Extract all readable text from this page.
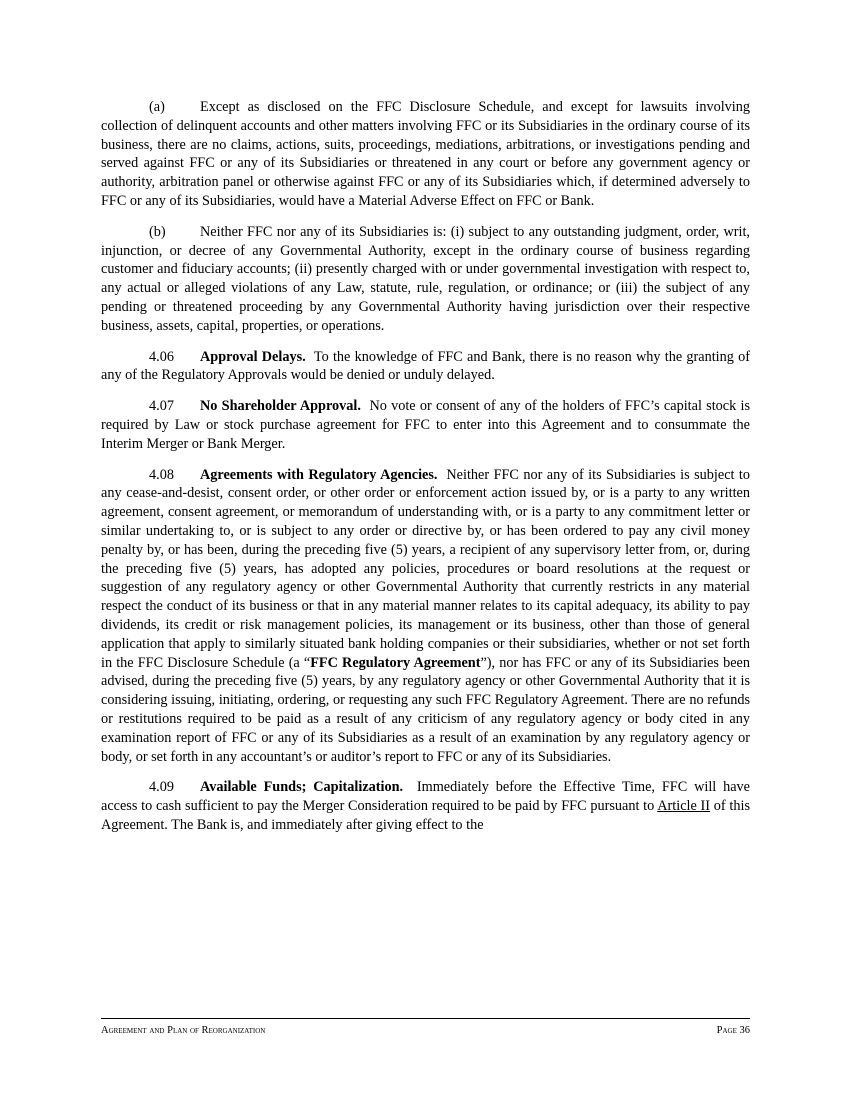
(a) Except as disclosed on the FFC Disclosure Schedule, and except for lawsuits involving collection of delinquent accounts and other matters involving FFC or its Subsidiaries in the ordinary course of its business, there are no claims, actions, suits, proceedings, mediations, arbitrations, or investigations pending and served against FFC or any of its Subsidiaries or threatened in any court or before any government agency or authority, arbitration panel or otherwise against FFC or any of its Subsidiaries which, if determined adversely to FFC or any of its Subsidiaries, would have a Material Adverse Effect on FFC or Bank.

(b) Neither FFC nor any of its Subsidiaries is: (i) subject to any outstanding judgment, order, writ, injunction, or decree of any Governmental Authority, except in the ordinary course of business regarding customer and fiduciary accounts; (ii) presently charged with or under governmental investigation with respect to, any actual or alleged violations of any Law, statute, rule, regulation, or ordinance; or (iii) the subject of any pending or threatened proceeding by any Governmental Authority having jurisdiction over their respective business, assets, capital, properties, or operations.

4.06 Approval Delays. To the knowledge of FFC and Bank, there is no reason why the granting of any of the Regulatory Approvals would be denied or unduly delayed.

4.07 No Shareholder Approval. No vote or consent of any of the holders of FFC’s capital stock is required by Law or stock purchase agreement for FFC to enter into this Agreement and to consummate the Interim Merger or Bank Merger.

4.08 Agreements with Regulatory Agencies. Neither FFC nor any of its Subsidiaries is subject to any cease-and-desist, consent order, or other order or enforcement action issued by, or is a party to any written agreement, consent agreement, or memorandum of understanding with, or is a party to any commitment letter or similar undertaking to, or is subject to any order or directive by, or has been ordered to pay any civil money penalty by, or has been, during the preceding five (5) years, a recipient of any supervisory letter from, or, during the preceding five (5) years, has adopted any policies, procedures or board resolutions at the request or suggestion of any regulatory agency or other Governmental Authority that currently restricts in any material respect the conduct of its business or that in any material manner relates to its capital adequacy, its ability to pay dividends, its credit or risk management policies, its management or its business, other than those of general application that apply to similarly situated bank holding companies or their subsidiaries, whether or not set forth in the FFC Disclosure Schedule (a “FFC Regulatory Agreement”), nor has FFC or any of its Subsidiaries been advised, during the preceding five (5) years, by any regulatory agency or other Governmental Authority that it is considering issuing, initiating, ordering, or requesting any such FFC Regulatory Agreement. There are no refunds or restitutions required to be paid as a result of any criticism of any regulatory agency or body cited in any examination report of FFC or any of its Subsidiaries as a result of an examination by any regulatory agency or body, or set forth in any accountant’s or auditor’s report to FFC or any of its Subsidiaries.

4.09 Available Funds; Capitalization. Immediately before the Effective Time, FFC will have access to cash sufficient to pay the Merger Consideration required to be paid by FFC pursuant to Article II of this Agreement. The Bank is, and immediately after giving effect to the

Agreement and Plan of Reorganization	Page 36
